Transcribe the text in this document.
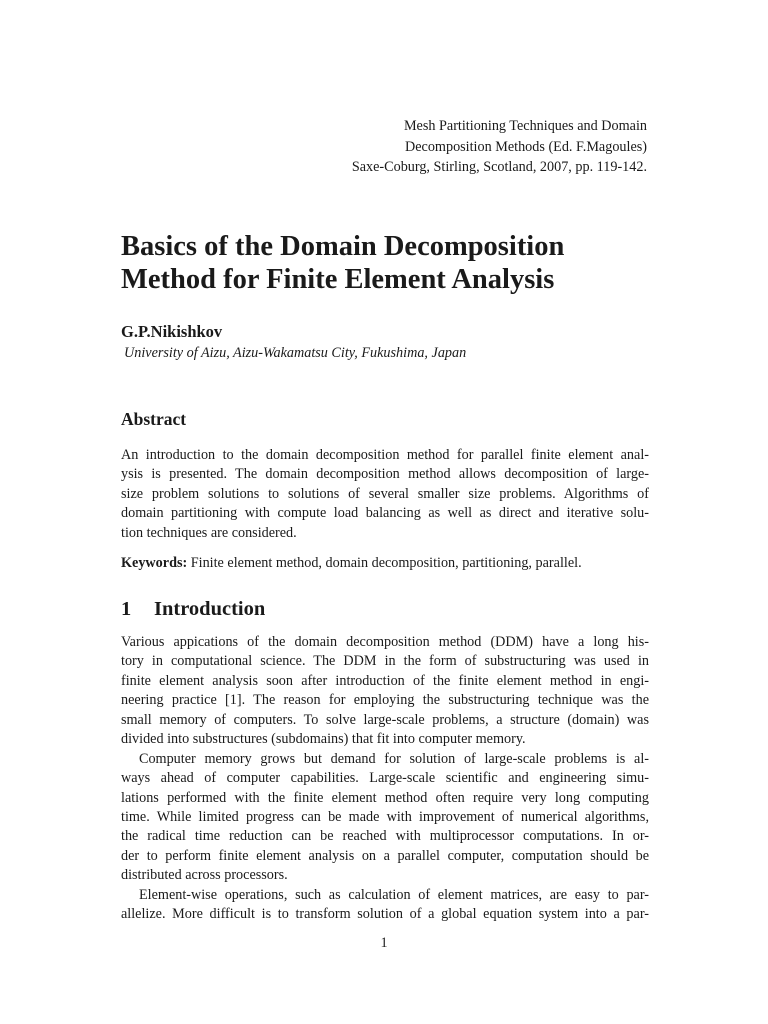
Mesh Partitioning Techniques and Domain
Decomposition Methods (Ed. F.Magoules)
Saxe-Coburg, Stirling, Scotland, 2007, pp. 119-142.
Basics of the Domain Decomposition
Method for Finite Element Analysis
G.P.Nikishkov
University of Aizu, Aizu-Wakamatsu City, Fukushima, Japan
Abstract
An introduction to the domain decomposition method for parallel finite element anal-
ysis is presented. The domain decomposition method allows decomposition of large-
size problem solutions to solutions of several smaller size problems. Algorithms of
domain partitioning with compute load balancing as well as direct and iterative solu-
tion techniques are considered.
Keywords: Finite element method, domain decomposition, partitioning, parallel.
1 Introduction
Various appications of the domain decomposition method (DDM) have a long his-
tory in computational science. The DDM in the form of substructuring was used in
finite element analysis soon after introduction of the finite element method in engi-
neering practice [1]. The reason for employing the substructuring technique was the
small memory of computers. To solve large-scale problems, a structure (domain) was
divided into substructures (subdomains) that fit into computer memory.
Computer memory grows but demand for solution of large-scale problems is al-
ways ahead of computer capabilities. Large-scale scientific and engineering simu-
lations performed with the finite element method often require very long computing
time. While limited progress can be made with improvement of numerical algorithms,
the radical time reduction can be reached with multiprocessor computations. In or-
der to perform finite element analysis on a parallel computer, computation should be
distributed across processors.
Element-wise operations, such as calculation of element matrices, are easy to par-
allelize. More difficult is to transform solution of a global equation system into a par-
1
